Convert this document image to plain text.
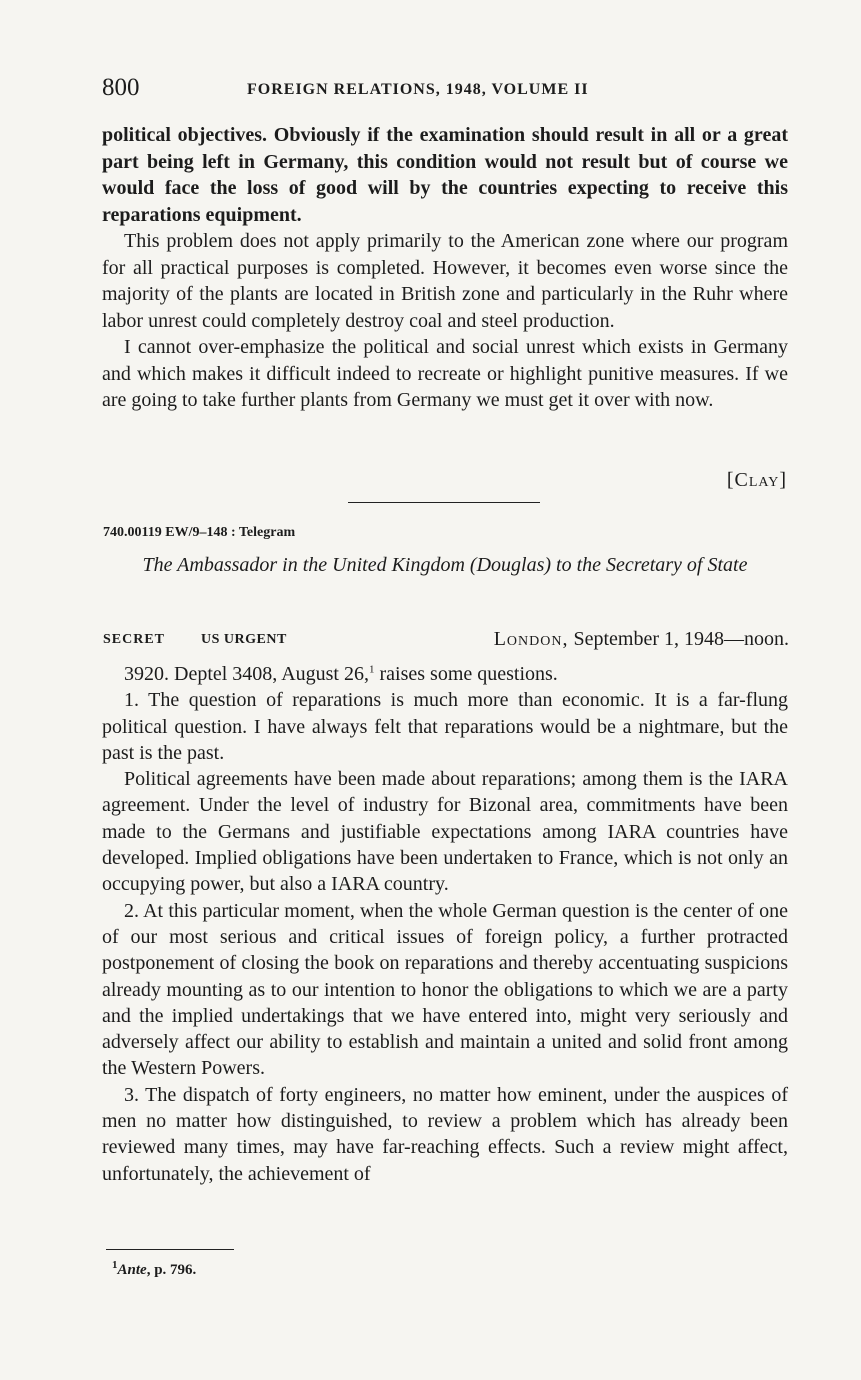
800	FOREIGN RELATIONS, 1948, VOLUME II

political objectives. Obviously if the examination should result in all or a great part being left in Germany, this condition would not result but of course we would face the loss of good will by the countries expecting to receive this reparations equipment.

This problem does not apply primarily to the American zone where our program for all practical purposes is completed. However, it becomes even worse since the majority of the plants are located in British zone and particularly in the Ruhr where labor unrest could completely destroy coal and steel production.

I cannot over-emphasize the political and social unrest which exists in Germany and which makes it difficult indeed to recreate or highlight punitive measures. If we are going to take further plants from Germany we must get it over with now.

[Clay]
740.00119 EW/9–148 : Telegram
The Ambassador in the United Kingdom (Douglas) to the Secretary of State
SECRET	US URGENT	London, September 1, 1948—noon.

3920. Deptel 3408, August 26,$^1$ raises some questions.

1. The question of reparations is much more than economic. It is a far-flung political question. I have always felt that reparations would be a nightmare, but the past is the past.

Political agreements have been made about reparations; among them is the IARA agreement. Under the level of industry for Bizonal area, commitments have been made to the Germans and justifiable expectations among IARA countries have developed. Implied obligations have been undertaken to France, which is not only an occupying power, but also a IARA country.

2. At this particular moment, when the whole German question is the center of one of our most serious and critical issues of foreign policy, a further protracted postponement of closing the book on reparations and thereby accentuating suspicions already mounting as to our intention to honor the obligations to which we are a party and the implied undertakings that we have entered into, might very seriously and adversely affect our ability to establish and maintain a united and solid front among the Western Powers.

3. The dispatch of forty engineers, no matter how eminent, under the auspices of men no matter how distinguished, to review a problem which has already been reviewed many times, may have far-reaching effects. Such a review might affect, unfortunately, the achievement of

$^1$Ante, p. 796.
